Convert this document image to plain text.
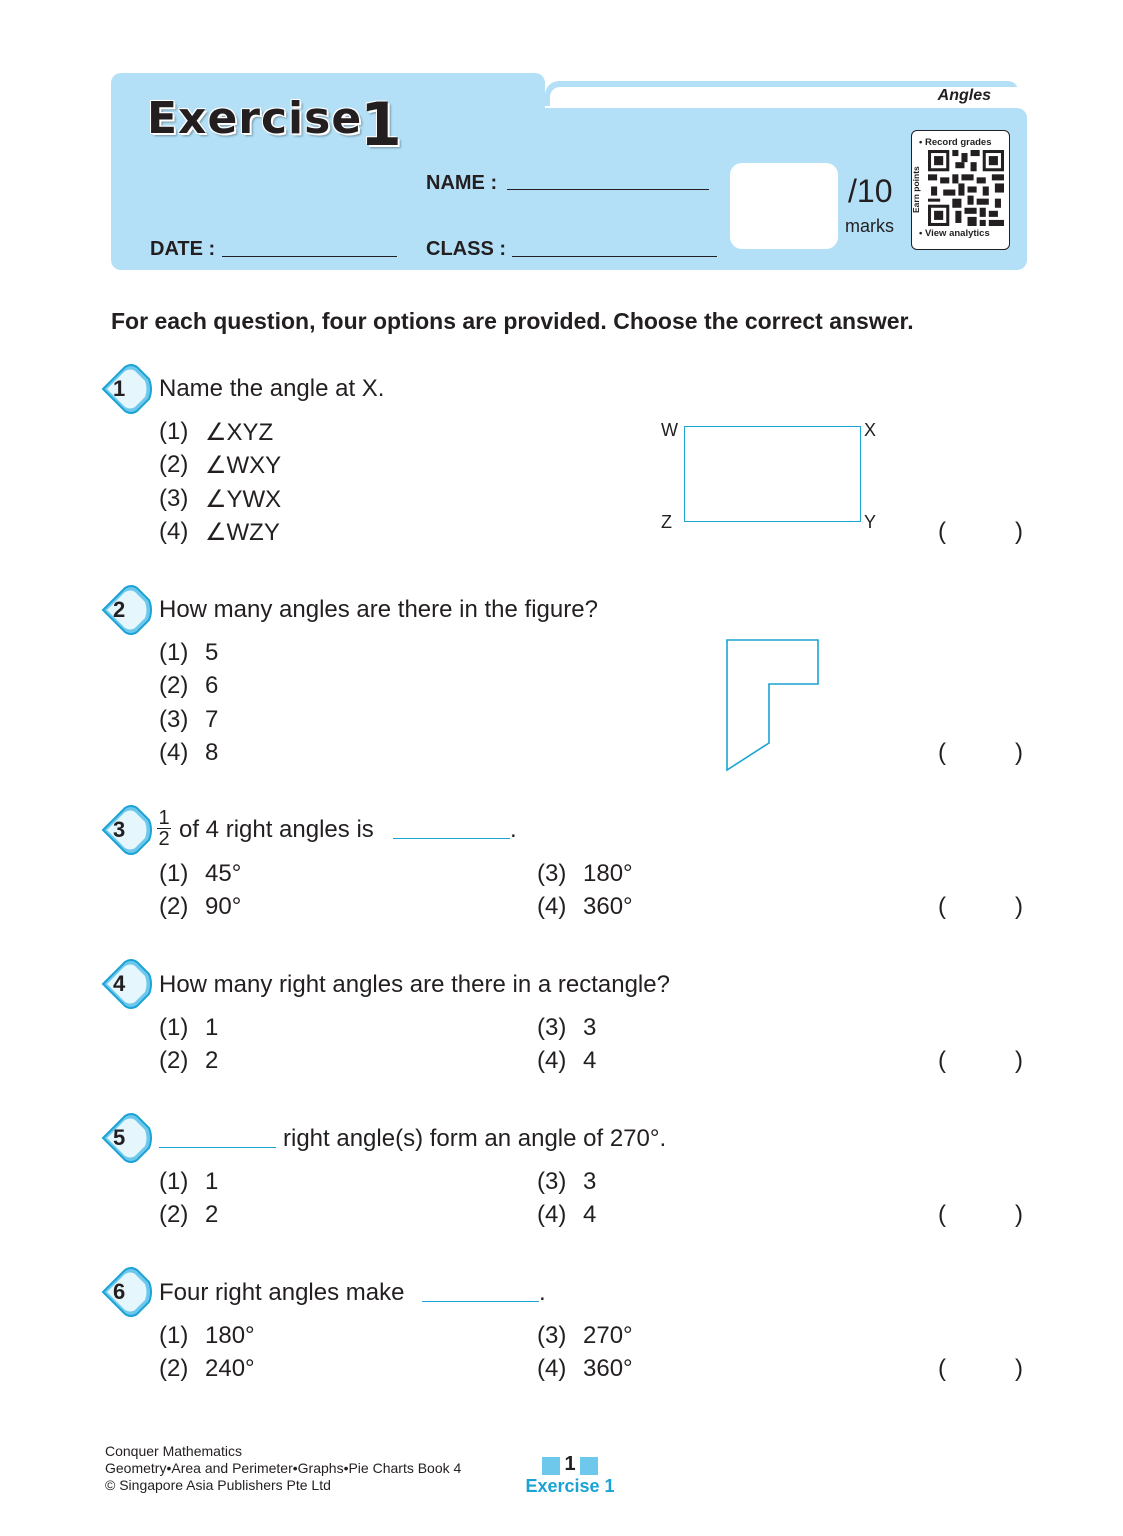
Angles
Exercise
1
NAME :
DATE :	CLASS :
/10
marks
• Record grades
Earn points
• View analytics
For each question, four options are provided. Choose the correct answer.
1 Name the angle at X.
(1) ∠XYZ
(2) ∠WXY
(3) ∠YWX
(4) ∠WZY
W	X
Z	Y	(	)
2 How many angles are there in the figure?
(1) 5
(2) 6
(3) 7
(4) 8	(	)
$3 \frac{1}{2}$ of 4 right angles is	.
(1) 45°
(2) 90°
(3) 180°
(4) 360°	(	)
4 How many right angles are there in a rectangle?
(1) 1
(2) 2
(3) 3
(4) 4	(	)
5	right angle(s) form an angle of 270°.
(1) 1
(2) 2
(3) 3
(4) 4	(	)
6 Four right angles make	.
(1) 180°
(2) 240°
(3) 270°
(4) 360°	(	)
Conquer Mathematics
Geometry•Area and Perimeter•Graphs•Pie Charts Book 4
© Singapore Asia Publishers Pte Ltd
1
Exercise 1
